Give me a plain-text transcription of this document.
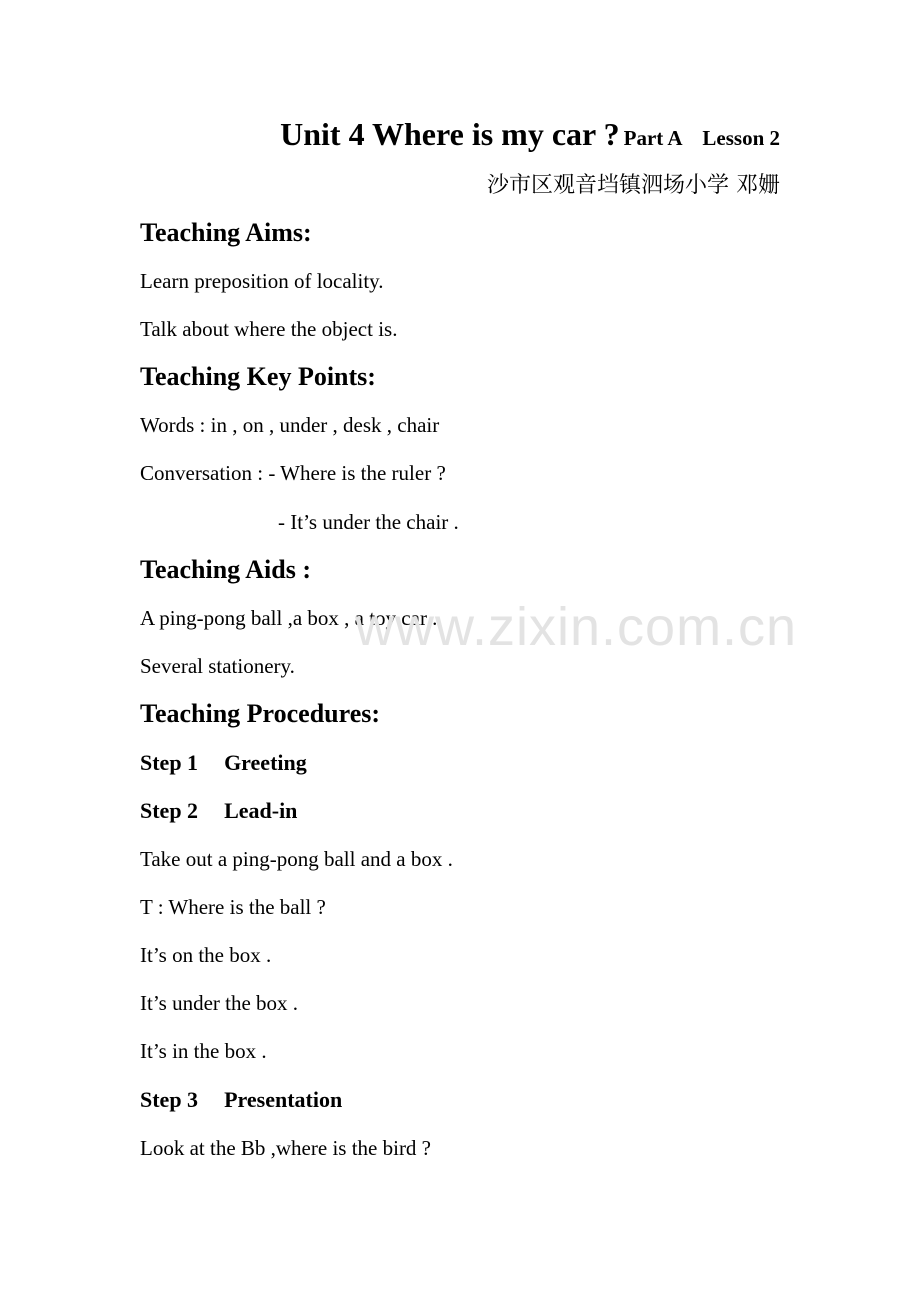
Unit 4 Where is my car ? Part A　Lesson 2
沙市区观音垱镇泗场小学 邓姗
Teaching Aims:
Learn preposition of locality.
Talk about where the object is.
Teaching Key Points:
Words : in , on , under , desk , chair
Conversation : - Where is the ruler ?
- It’s under the chair .
Teaching Aids :
A ping-pong ball ,a box , a toy car .
Several stationery.
Teaching Procedures:
Step 1 Greeting
Step 2 Lead-in
Take out a ping-pong ball and a box .
T : Where is the ball ?
It’s on the box .
It’s under the box .
It’s in the box .
Step 3 Presentation
Look at the Bb ,where is the bird ?
www.zixin.com.cn
